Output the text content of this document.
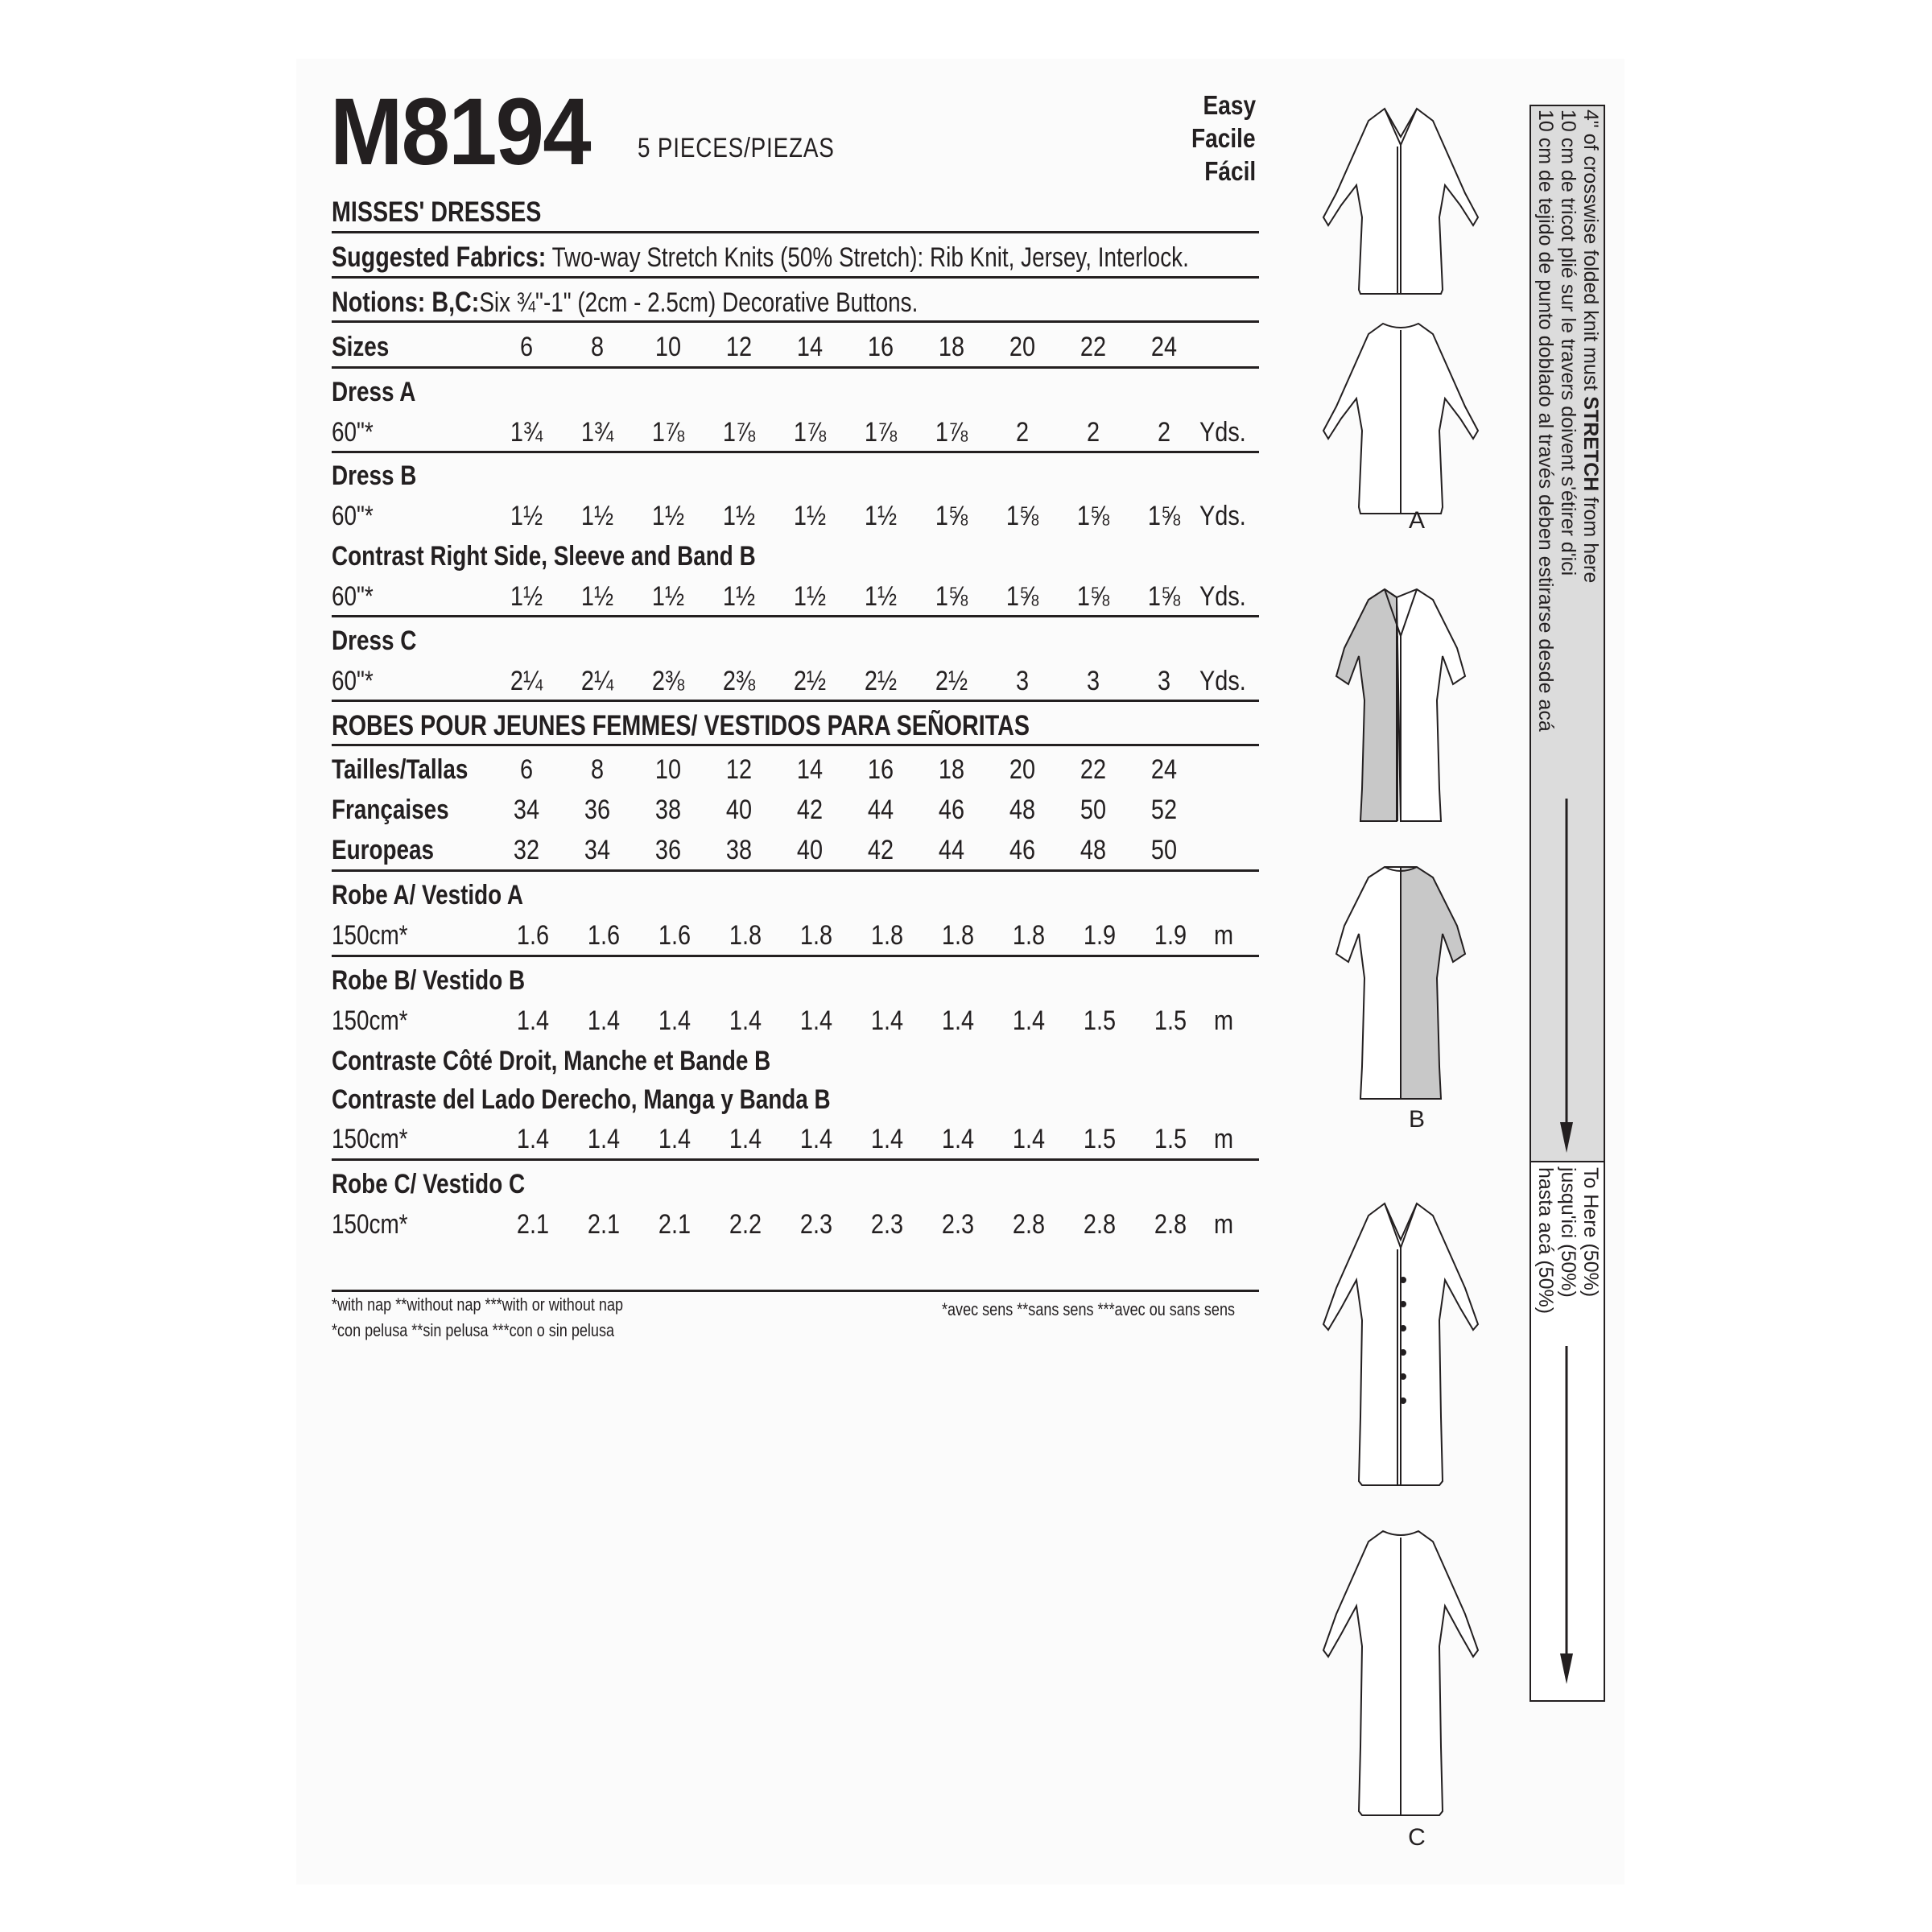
M8194 5 PIECES/PIEZAS
Easy
Facile
Fácil
MISSES' DRESSES
Suggested Fabrics: Two-way Stretch Knits (50% Stretch): Rib Knit, Jersey, Interlock.
Notions: B,C:Six ¾"-1" (2cm - 2.5cm) Decorative Buttons.
Sizes	6 8 10 12 14 16 18 20 22 24
Dress A
60"*	1¾ 1¾ 1⅞ 1⅞ 1⅞ 1⅞ 1⅞ 2 2 2 Yds.
Dress B
60"*	1½ 1½ 1½ 1½ 1½ 1½ 1⅝ 1⅝ 1⅝ 1⅝ Yds.
Contrast Right Side, Sleeve and Band B
60"*	1½ 1½ 1½ 1½ 1½ 1½ 1⅝ 1⅝ 1⅝ 1⅝ Yds.
Dress C
60"*	2¼ 2¼ 2⅜ 2⅜ 2½ 2½ 2½ 3 3 3 Yds.
ROBES POUR JEUNES FEMMES/ VESTIDOS PARA SEÑORITAS
Tailles/Tallas 6 8 10 12 14 16 18 20 22 24
Françaises 34 36 38 40 42 44 46 48 50 52
Europeas	32 34 36 38 40 42 44 46 48 50
Robe A/ Vestido A
150cm*	1.6 1.6 1.6 1.8 1.8 1.8 1.8 1.8 1.9 1.9 m
Robe B/ Vestido B
150cm*	1.4 1.4 1.4 1.4 1.4 1.4 1.4 1.4 1.5 1.5 m
Contraste Côté Droit, Manche et Bande B
Contraste del Lado Derecho, Manga y Banda B
150cm*	1.4 1.4 1.4 1.4 1.4 1.4 1.4 1.4 1.5 1.5 m
Robe C/ Vestido C
150cm*	2.1 2.1 2.1 2.2 2.3 2.3 2.3 2.8 2.8 2.8 m
*with nap **without nap ***with or without nap
*con pelusa **sin pelusa ***con o sin pelusa
*avec sens **sans sens ***avec ou sans sens
A
B
C
4" of crosswise folded knit must STRETCH from here
10 cm de tricot plié sur le travers doivent s'étirer d'ici
10 cm de tejido de punto doblado al través deben estirarse desde acá
To Here (50%)
jusqu'ici (50%)
hasta acá (50%)
